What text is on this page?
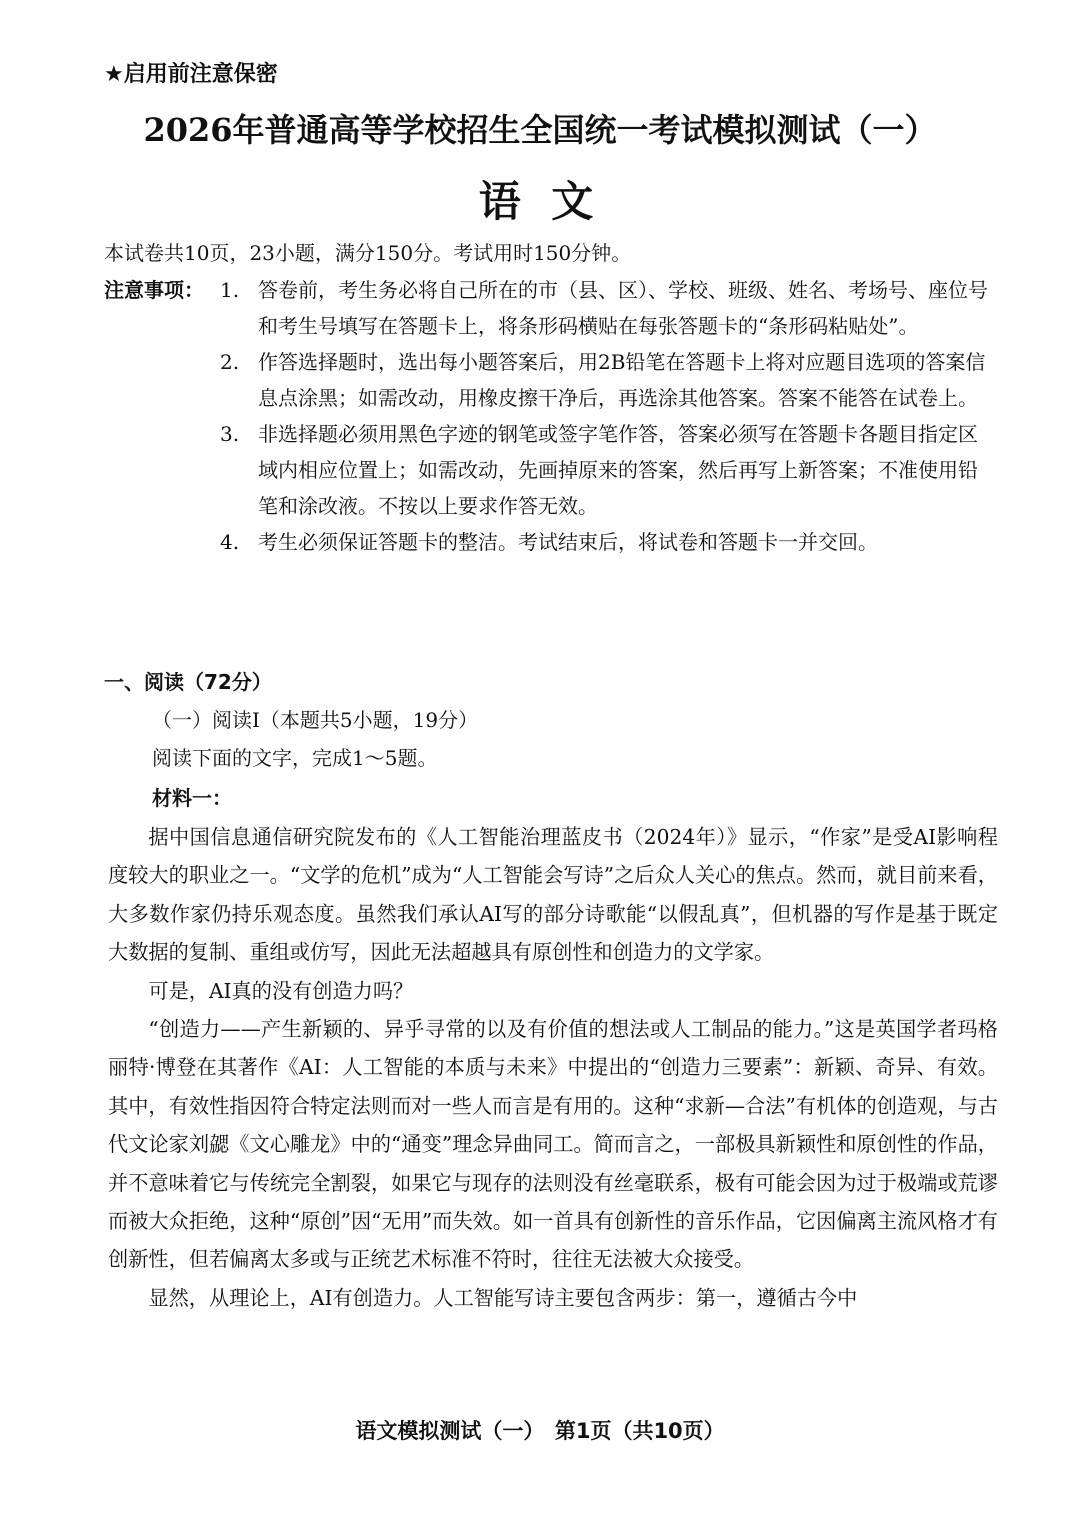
★启用前注意保密
2026年普通高等学校招生全国统一考试模拟测试（一）
语 文
本试卷共10页，23小题，满分150分。考试用时150分钟。
注意事项： 1. 答卷前，考生务必将自己所在的市（县、区）、学校、班级、姓名、考场号、座位号和考生号填写在答题卡上，将条形码横贴在每张答题卡的“条形码粘贴处”。
2. 作答选择题时，选出每小题答案后，用2B铅笔在答题卡上将对应题目选项的答案信息点涂黑；如需改动，用橡皮擦干净后，再选涂其他答案。答案不能答在试卷上。
3. 非选择题必须用黑色字迹的钢笔或签字笔作答，答案必须写在答题卡各题目指定区域内相应位置上；如需改动，先画掉原来的答案，然后再写上新答案；不准使用铅笔和涂改液。不按以上要求作答无效。
4. 考生必须保证答题卡的整洁。考试结束后，将试卷和答题卡一并交回。
一、阅读（72分）
（一）阅读Ⅰ（本题共5小题，19分）
阅读下面的文字，完成1～5题。
材料一：

据中国信息通信研究院发布的《人工智能治理蓝皮书（2024年）》显示，“作家”是受AI影响程度较大的职业之一。“文学的危机”成为“人工智能会写诗”之后众人关心的焦点。然而，就目前来看，大多数作家仍持乐观态度。虽然我们承认AI写的部分诗歌能“以假乱真”，但机器的写作是基于既定大数据的复制、重组或仿写，因此无法超越具有原创性和创造力的文学家。

可是，AI真的没有创造力吗？

“创造力——产生新颖的、异乎寻常的以及有价值的想法或人工制品的能力。”这是英国学者玛格丽特·博登在其著作《AI：人工智能的本质与未来》中提出的“创造力三要素”：新颖、奇异、有效。其中，有效性指因符合特定法则而对一些人而言是有用的。这种“求新—合法”有机体的创造观，与古代文论家刘勰《文心雕龙》中的“通变”理念异曲同工。简而言之，一部极具新颖性和原创性的作品，并不意味着它与传统完全割裂，如果它与现存的法则没有丝毫联系，极有可能会因为过于极端或荒谬而被大众拒绝，这种“原创”因“无用”而失效。如一首具有创新性的音乐作品，它因偏离主流风格才有创新性，但若偏离太多或与正统艺术标准不符时，往往无法被大众接受。

显然，从理论上，AI有创造力。人工智能写诗主要包含两步：第一，遵循古今中

语文模拟测试（一）　第1页（共10页）
